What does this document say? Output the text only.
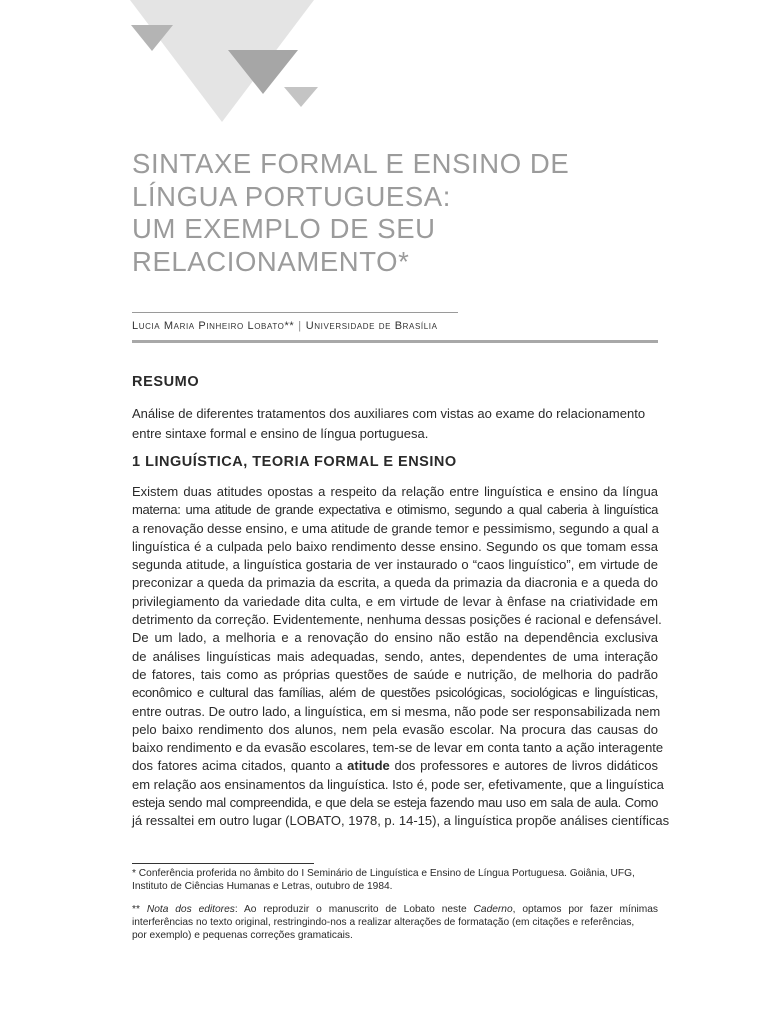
SINTAXE FORMAL E ENSINO DE
LÍNGUA PORTUGUESA:
UM EXEMPLO DE SEU
RELACIONAMENTO*
Lucia Maria Pinheiro Lobato** | Universidade de Brasília
RESUMO

Análise de diferentes tratamentos dos auxiliares com vistas ao exame do relacionamento entre sintaxe formal e ensino de língua portuguesa.

1 LINGUÍSTICA, TEORIA FORMAL E ENSINO
Existem duas atitudes opostas a respeito da relação entre linguística e ensino da língua
materna: uma atitude de grande expectativa e otimismo, segundo a qual caberia à linguística
a renovação desse ensino, e uma atitude de grande temor e pessimismo, segundo a qual a
linguística é a culpada pelo baixo rendimento desse ensino. Segundo os que tomam essa
segunda atitude, a linguística gostaria de ver instaurado o “caos linguístico”, em virtude de
preconizar a queda da primazia da escrita, a queda da primazia da diacronia e a queda do
privilegiamento da variedade dita culta, e em virtude de levar à ênfase na criatividade em
detrimento da correção. Evidentemente, nenhuma dessas posições é racional e defensável.
De um lado, a melhoria e a renovação do ensino não estão na dependência exclusiva
de análises linguísticas mais adequadas, sendo, antes, dependentes de uma interação
de fatores, tais como as próprias questões de saúde e nutrição, de melhoria do padrão
econômico e cultural das famílias, além de questões psicológicas, sociológicas e linguísticas,
entre outras. De outro lado, a linguística, em si mesma, não pode ser responsabilizada nem
pelo baixo rendimento dos alunos, nem pela evasão escolar. Na procura das causas do
baixo rendimento e da evasão escolares, tem-se de levar em conta tanto a ação interagente
dos fatores acima citados, quanto a atitude dos professores e autores de livros didáticos
em relação aos ensinamentos da linguística. Isto é, pode ser, efetivamente, que a linguística
esteja sendo mal compreendida, e que dela se esteja fazendo mau uso em sala de aula. Como
já ressaltei em outro lugar (LOBATO, 1978, p. 14-15), a linguística propõe análises científicas

* Conferência proferida no âmbito do I Seminário de Linguística e Ensino de Língua Portuguesa. Goiânia, UFG,
Instituto de Ciências Humanas e Letras, outubro de 1984.

** Nota dos editores: Ao reproduzir o manuscrito de Lobato neste Caderno, optamos por fazer mínimas
interferências no texto original, restringindo-nos a realizar alterações de formatação (em citações e referências,
por exemplo) e pequenas correções gramaticais.
